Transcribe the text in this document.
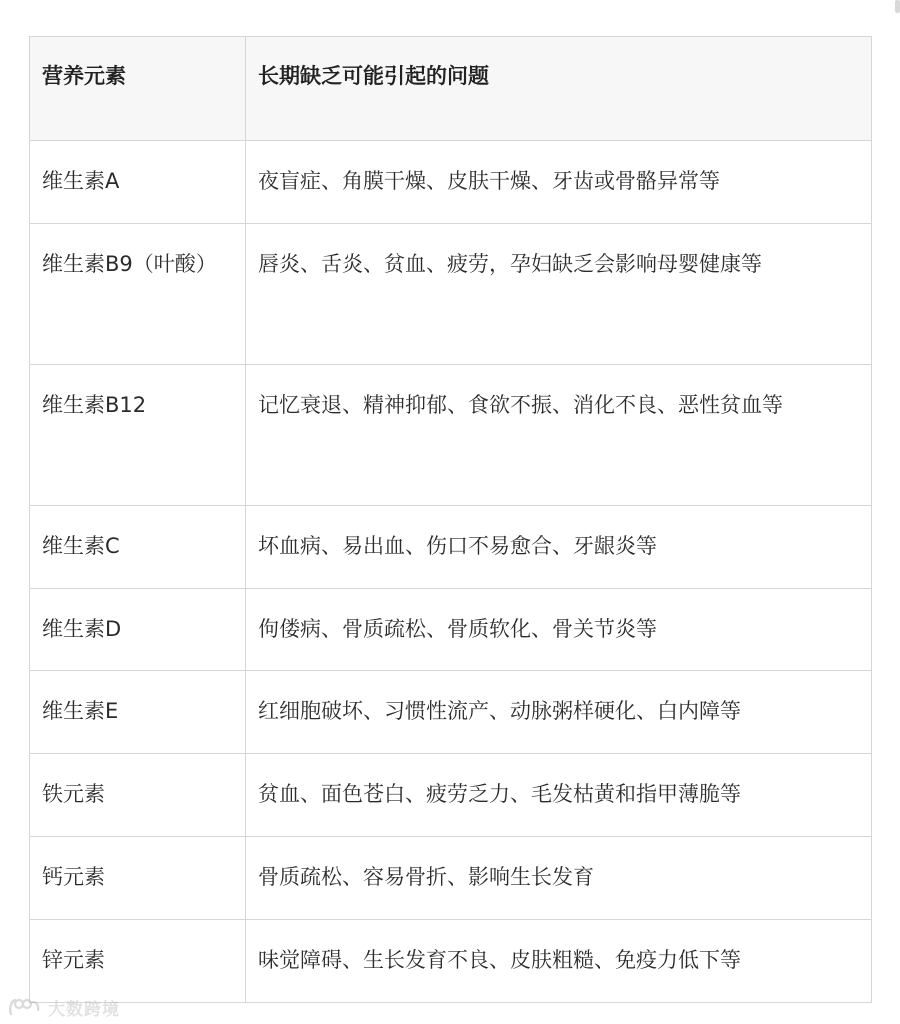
营养元素	长期缺乏可能引起的问题
维生素A	夜盲症、角膜干燥、皮肤干燥、牙齿或骨骼异常等
维生素B9（叶酸）	唇炎、舌炎、贫血、疲劳，孕妇缺乏会影响母婴健康等
维生素B12	记忆衰退、精神抑郁、食欲不振、消化不良、恶性贫血等
维生素C	坏血病、易出血、伤口不易愈合、牙龈炎等
维生素D	佝偻病、骨质疏松、骨质软化、骨关节炎等
维生素E	红细胞破坏、习惯性流产、动脉粥样硬化、白内障等
铁元素	贫血、面色苍白、疲劳乏力、毛发枯黄和指甲薄脆等
钙元素	骨质疏松、容易骨折、影响生长发育
锌元素	味觉障碍、生长发育不良、皮肤粗糙、免疫力低下等
大数跨境
